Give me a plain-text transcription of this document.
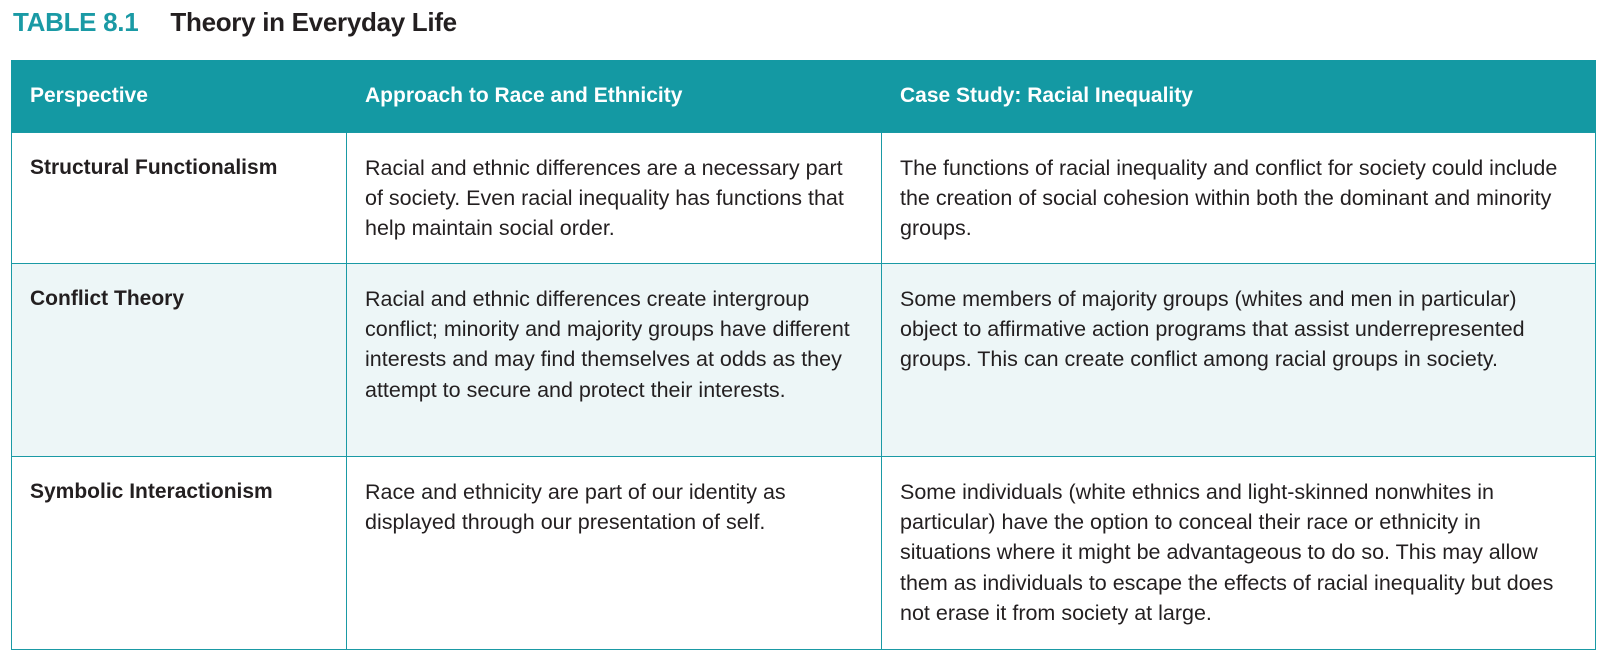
TABLE 8.1 Theory in Everyday Life
Perspective	Approach to Race and Ethnicity	Case Study: Racial Inequality
Structural Functionalism	Racial and ethnic differences are a necessary part of society. Even racial inequality has functions that help maintain social order.	The functions of racial inequality and conflict for society could include the creation of social cohesion within both the dominant and minority groups.
Conflict Theory	Racial and ethnic differences create intergroup conflict; minority and majority groups have different interests and may find themselves at odds as they attempt to secure and protect their interests.	Some members of majority groups (whites and men in particular) object to affirmative action programs that assist underrepresented groups. This can create conflict among racial groups in society.
Symbolic Interactionism	Race and ethnicity are part of our identity as displayed through our presentation of self.	Some individuals (white ethnics and light-skinned nonwhites in particular) have the option to conceal their race or ethnicity in situations where it might be advantageous to do so. This may allow them as individuals to escape the effects of racial inequality but does not erase it from society at large.
